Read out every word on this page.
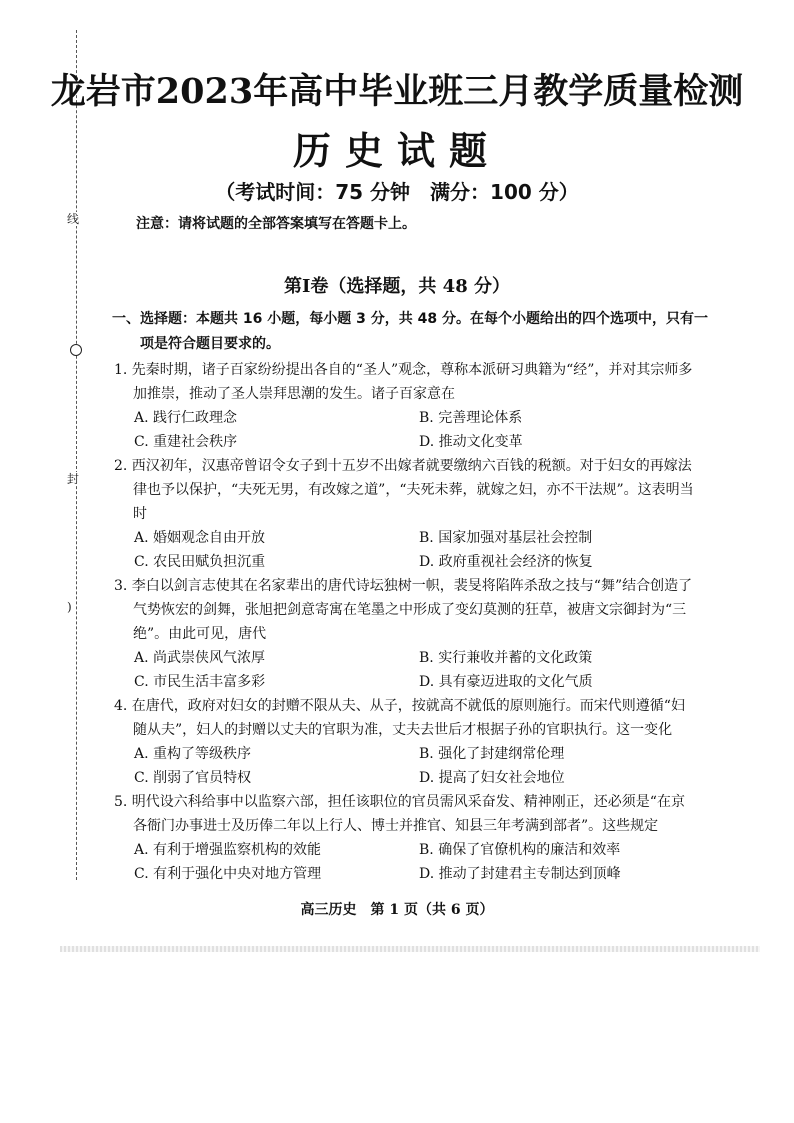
线
封
)
龙岩市2023年高中毕业班三月教学质量检测
历史试题
（考试时间：75 分钟　满分：100 分）
注意：请将试题的全部答案填写在答题卡上。
第Ⅰ卷（选择题，共 48 分）
一、选择题：本题共 16 小题，每小题 3 分，共 48 分。在每个小题给出的四个选项中，只有一项是符合题目要求的。

1. 先秦时期，诸子百家纷纷提出各自的“圣人”观念，尊称本派研习典籍为“经”，并对其宗师多加推崇，推动了圣人崇拜思潮的发生。诸子百家意在

A. 践行仁政理念	B. 完善理论体系
C. 重建社会秩序	D. 推动文化变革

2. 西汉初年，汉惠帝曾诏令女子到十五岁不出嫁者就要缴纳六百钱的税额。对于妇女的再嫁法律也予以保护，“夫死无男，有改嫁之道”，“夫死未葬，就嫁之妇，亦不干法规”。这表明当时

A. 婚姻观念自由开放	B. 国家加强对基层社会控制
C. 农民田赋负担沉重	D. 政府重视社会经济的恢复

3. 李白以剑言志使其在名家辈出的唐代诗坛独树一帜，裴旻将陷阵杀敌之技与“舞”结合创造了气势恢宏的剑舞，张旭把剑意寄寓在笔墨之中形成了变幻莫测的狂草，被唐文宗御封为“三绝”。由此可见，唐代

A. 尚武崇侠风气浓厚	B. 实行兼收并蓄的文化政策
C. 市民生活丰富多彩	D. 具有豪迈进取的文化气质

4. 在唐代，政府对妇女的封赠不限从夫、从子，按就高不就低的原则施行。而宋代则遵循“妇随从夫”，妇人的封赠以丈夫的官职为准，丈夫去世后才根据子孙的官职执行。这一变化

A. 重构了等级秩序	B. 强化了封建纲常伦理
C. 削弱了官员特权	D. 提高了妇女社会地位

5. 明代设六科给事中以监察六部，担任该职位的官员需风采奋发、精神刚正，还必须是“在京各衙门办事进士及历俸二年以上行人、博士并推官、知县三年考满到部者”。这些规定

A. 有利于增强监察机构的效能	B. 确保了官僚机构的廉洁和效率
C. 有利于强化中央对地方管理	D. 推动了封建君主专制达到顶峰
高三历史　第 1 页（共 6 页）
